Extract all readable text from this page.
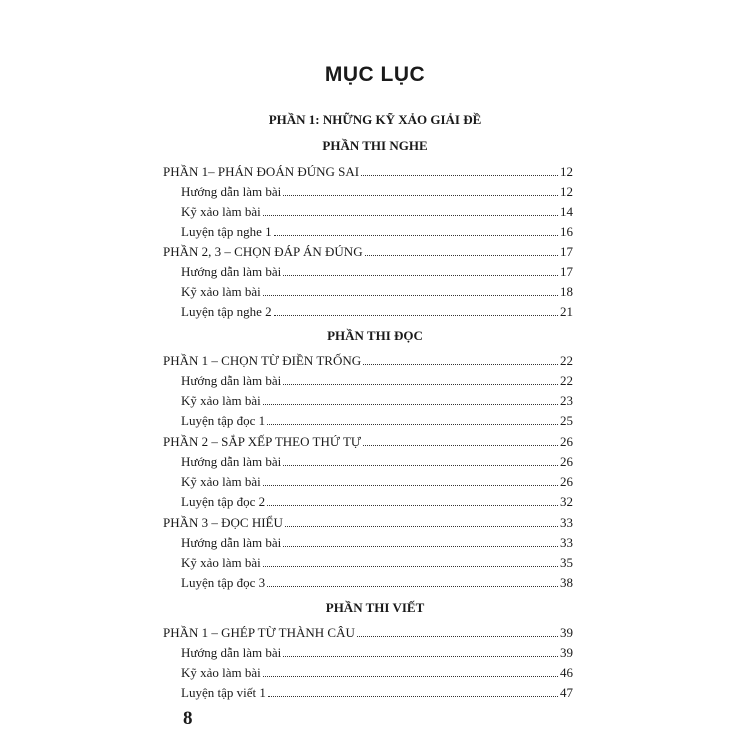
MỤC LỤC
PHẦN 1: NHỮNG KỸ XẢO GIẢI ĐỀ
PHẦN THI NGHE
PHẦN 1– PHÁN ĐOÁN ĐÚNG SAI	12
Hướng dẫn làm bài	12
Kỹ xảo làm bài	14
Luyện tập nghe 1	16
PHẦN 2, 3 – CHỌN ĐÁP ÁN ĐÚNG	17
Hướng dẫn làm bài	17
Kỹ xảo làm bài	18
Luyện tập nghe 2	21
PHẦN THI ĐỌC
PHẦN 1 – CHỌN TỪ ĐIỀN TRỐNG	22
Hướng dẫn làm bài	22
Kỹ xảo làm bài	23
Luyện tập đọc 1	25
PHẦN 2 – SẮP XẾP THEO THỨ TỰ	26
Hướng dẫn làm bài	26
Kỹ xảo làm bài	26
Luyện tập đọc 2	32
PHẦN 3 – ĐỌC HIỂU	33
Hướng dẫn làm bài	33
Kỹ xảo làm bài	35
Luyện tập đọc 3	38
PHẦN THI VIẾT
PHẦN 1 – GHÉP TỪ THÀNH CÂU	39
Hướng dẫn làm bài	39
Kỹ xảo làm bài	46
Luyện tập viết 1	47
8
